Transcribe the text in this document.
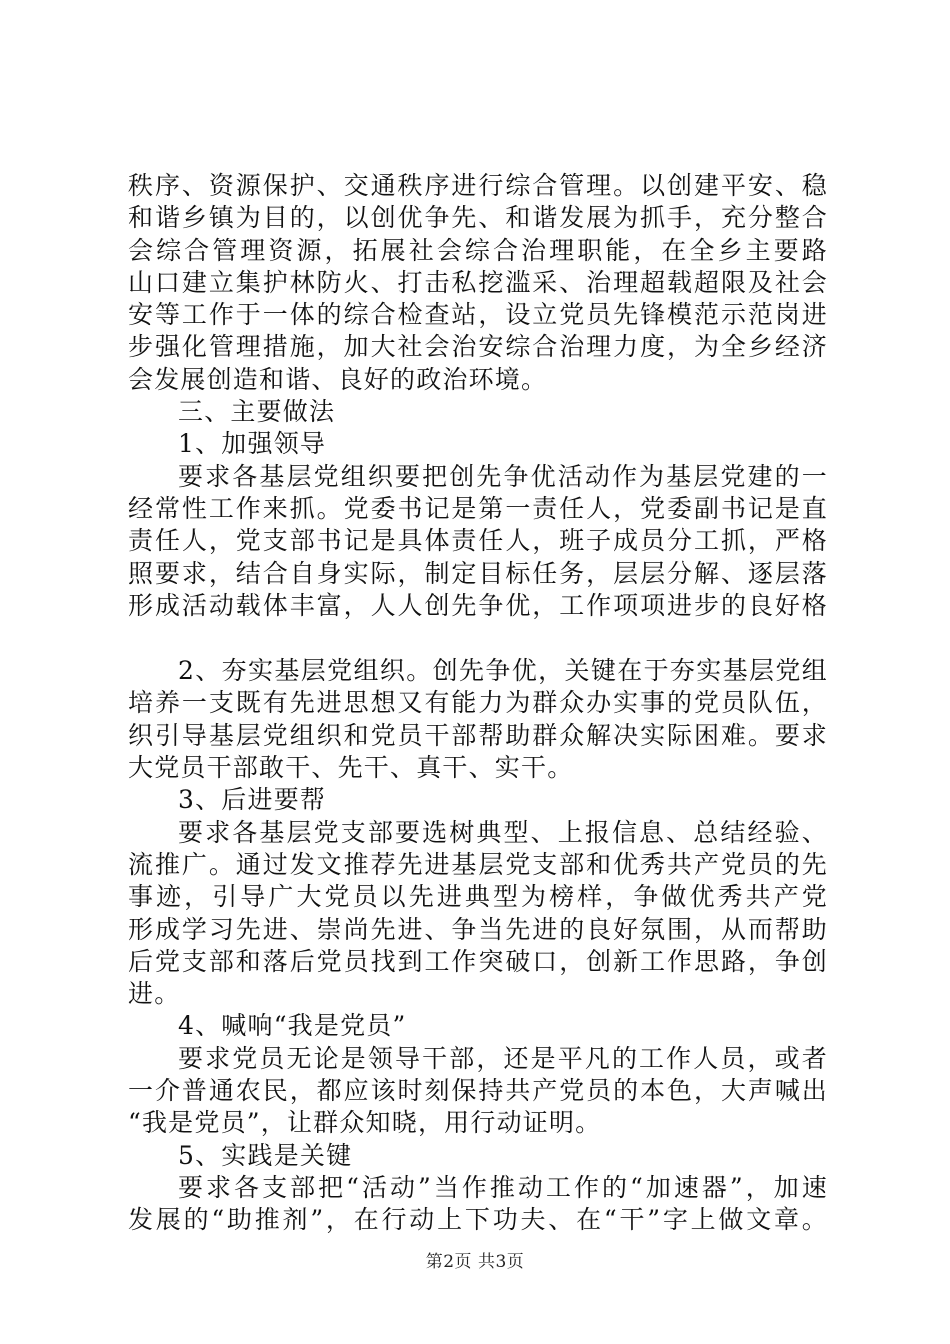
秩序、资源保护、交通秩序进行综合管理。以创建平安、稳
和谐乡镇为目的，以创优争先、和谐发展为抓手，充分整合
会综合管理资源，拓展社会综合治理职能，在全乡主要路
山口建立集护林防火、打击私挖滥采、治理超载超限及社会
安等工作于一体的综合检查站，设立党员先锋模范示范岗进
步强化管理措施，加大社会治安综合治理力度，为全乡经济
会发展创造和谐、良好的政治环境。
三、主要做法
1、加强领导
要求各基层党组织要把创先争优活动作为基层党建的一
经常性工作来抓。党委书记是第一责任人，党委副书记是直
责任人，党支部书记是具体责任人，班子成员分工抓，严格
照要求，结合自身实际，制定目标任务，层层分解、逐层落
形成活动载体丰富，人人创先争优，工作项项进步的良好格
2、夯实基层党组织。创先争优，关键在于夯实基层党组
培养一支既有先进思想又有能力为群众办实事的党员队伍，
织引导基层党组织和党员干部帮助群众解决实际困难。要求
大党员干部敢干、先干、真干、实干。
3、后进要帮
要求各基层党支部要选树典型、上报信息、总结经验、
流推广。通过发文推荐先进基层党支部和优秀共产党员的先
事迹，引导广大党员以先进典型为榜样，争做优秀共产党
形成学习先进、崇尚先进、争当先进的良好氛围，从而帮助
后党支部和落后党员找到工作突破口，创新工作思路，争创
进。
4、喊响“我是党员”
要求党员无论是领导干部，还是平凡的工作人员，或者
一介普通农民，都应该时刻保持共产党员的本色，大声喊出
“我是党员”，让群众知晓，用行动证明。
5、实践是关键
要求各支部把“活动”当作推动工作的“加速器”，加速
发展的“助推剂”，在行动上下功夫、在“干”字上做文章。
第2页 共3页
